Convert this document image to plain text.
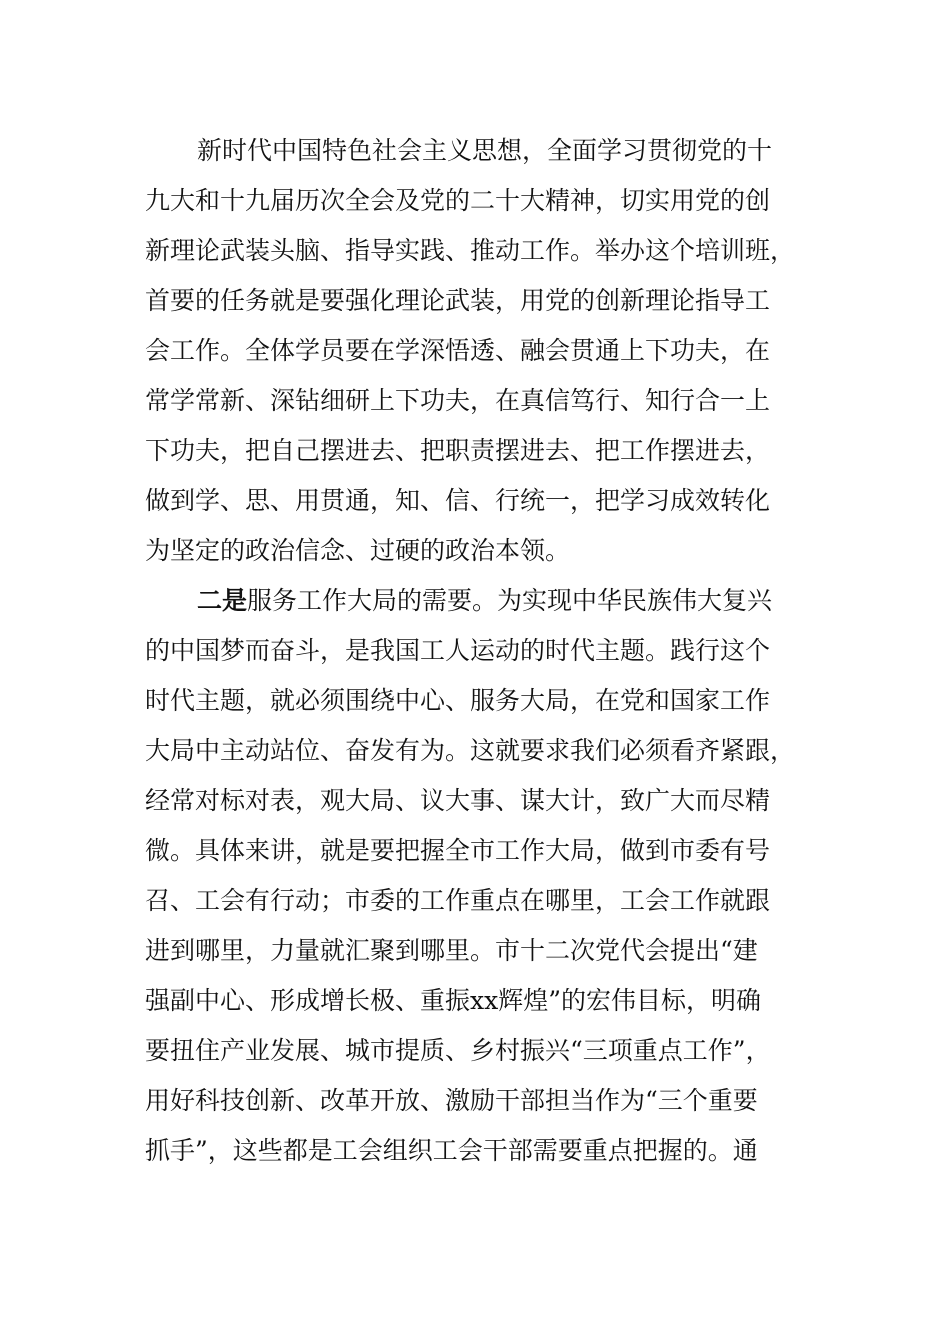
新时代中国特色社会主义思想，全面学习贯彻党的十
九大和十九届历次全会及党的二十大精神，切实用党的创
新理论武装头脑、指导实践、推动工作。举办这个培训班，
首要的任务就是要强化理论武装，用党的创新理论指导工
会工作。全体学员要在学深悟透、融会贯通上下功夫，在
常学常新、深钻细研上下功夫，在真信笃行、知行合一上
下功夫，把自己摆进去、把职责摆进去、把工作摆进去，
做到学、思、用贯通，知、信、行统一，把学习成效转化
为坚定的政治信念、过硬的政治本领。
二是服务工作大局的需要。为实现中华民族伟大复兴
的中国梦而奋斗，是我国工人运动的时代主题。践行这个
时代主题，就必须围绕中心、服务大局，在党和国家工作
大局中主动站位、奋发有为。这就要求我们必须看齐紧跟，
经常对标对表，观大局、议大事、谋大计，致广大而尽精
微。具体来讲，就是要把握全市工作大局，做到市委有号
召、工会有行动；市委的工作重点在哪里，工会工作就跟
进到哪里，力量就汇聚到哪里。市十二次党代会提出“建
强副中心、形成增长极、重振xx辉煌”的宏伟目标，明确
要扭住产业发展、城市提质、乡村振兴“三项重点工作”，
用好科技创新、改革开放、激励干部担当作为“三个重要
抓手”，这些都是工会组织工会干部需要重点把握的。通
